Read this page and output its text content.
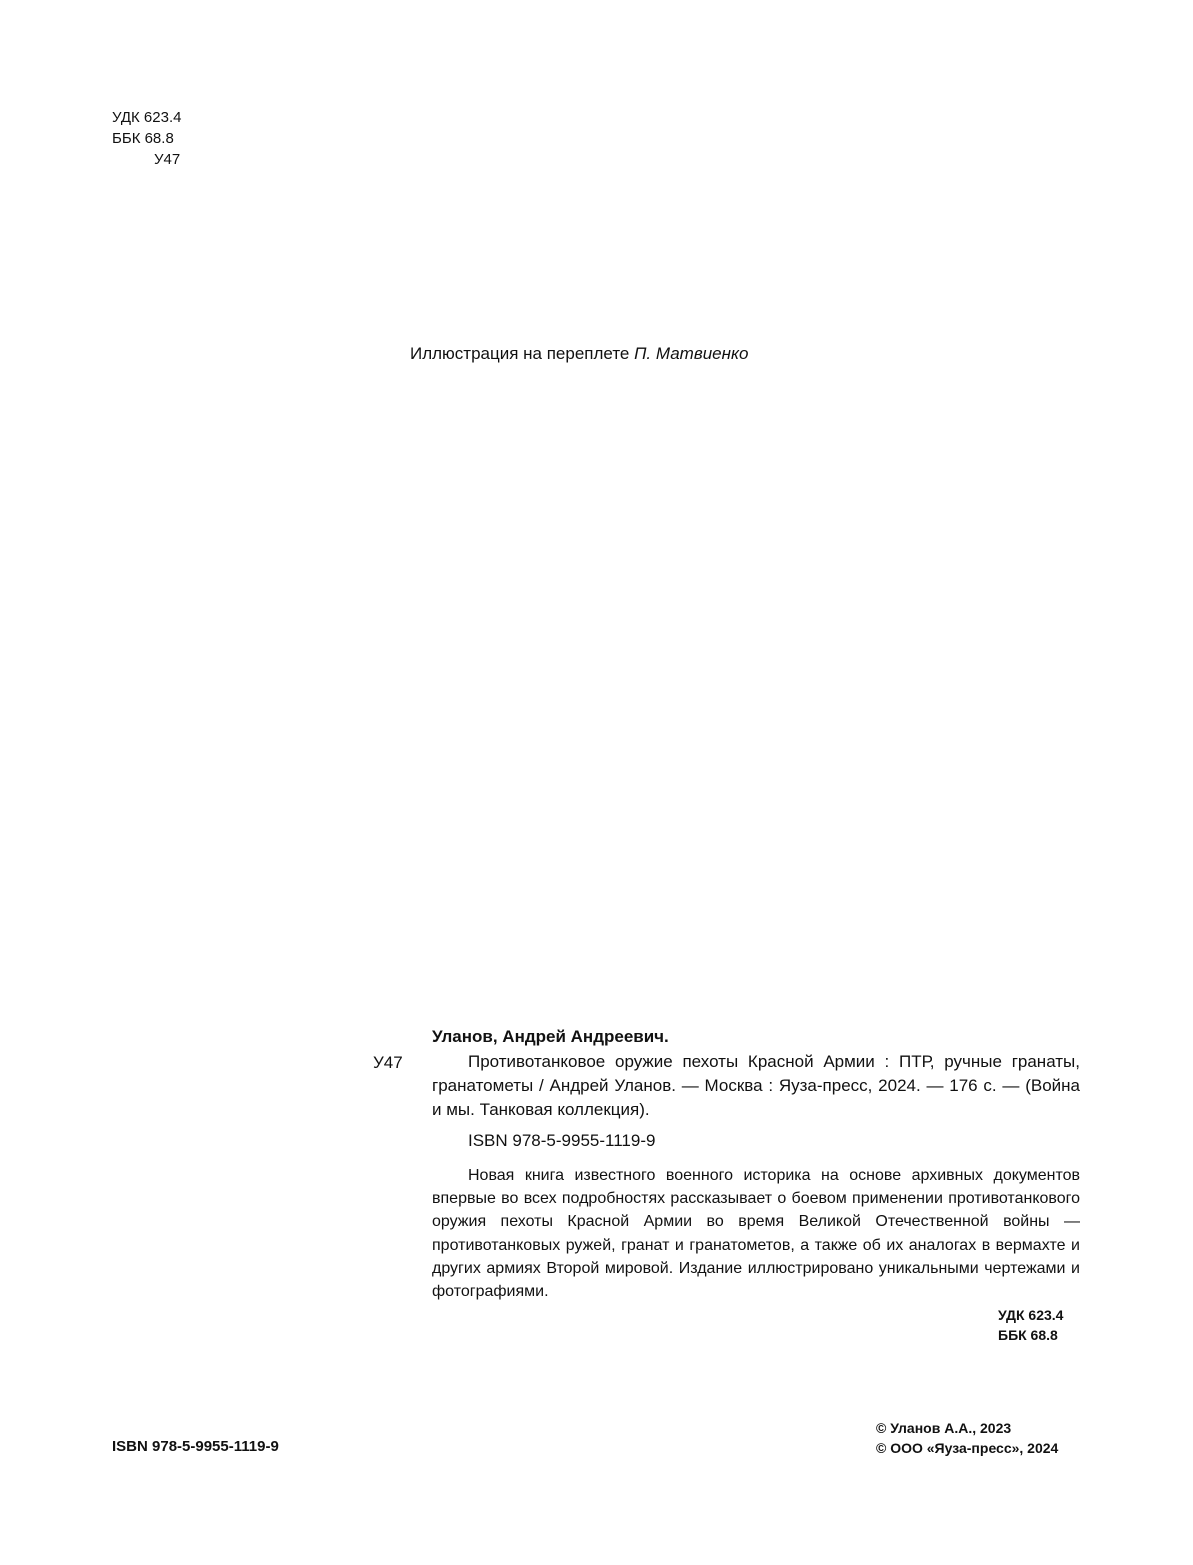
УДК 623.4
ББК 68.8
У47
Иллюстрация на переплете П. Матвиенко
Уланов, Андрей Андреевич.
У47	Противотанковое оружие пехоты Красной Армии : ПТР, ручные гранаты, гранатометы / Андрей Уланов. — Москва : Яуза-пресс, 2024. — 176 с. — (Война и мы. Танковая коллекция).

ISBN 978-5-9955-1119-9

Новая книга известного военного историка на основе архивных документов впервые во всех подробностях рассказывает о боевом применении противотанкового оружия пехоты Красной Армии во время Великой Отечественной войны — противотанковых ружей, гранат и гранатометов, а также об их аналогах в вермахте и других армиях Второй мировой. Издание иллюстрировано уникальными чертежами и фотографиями.

УДК 623.4
ББК 68.8
ISBN 978-5-9955-1119-9
© Уланов А.А., 2023
© ООО «Яуза-пресс», 2024
